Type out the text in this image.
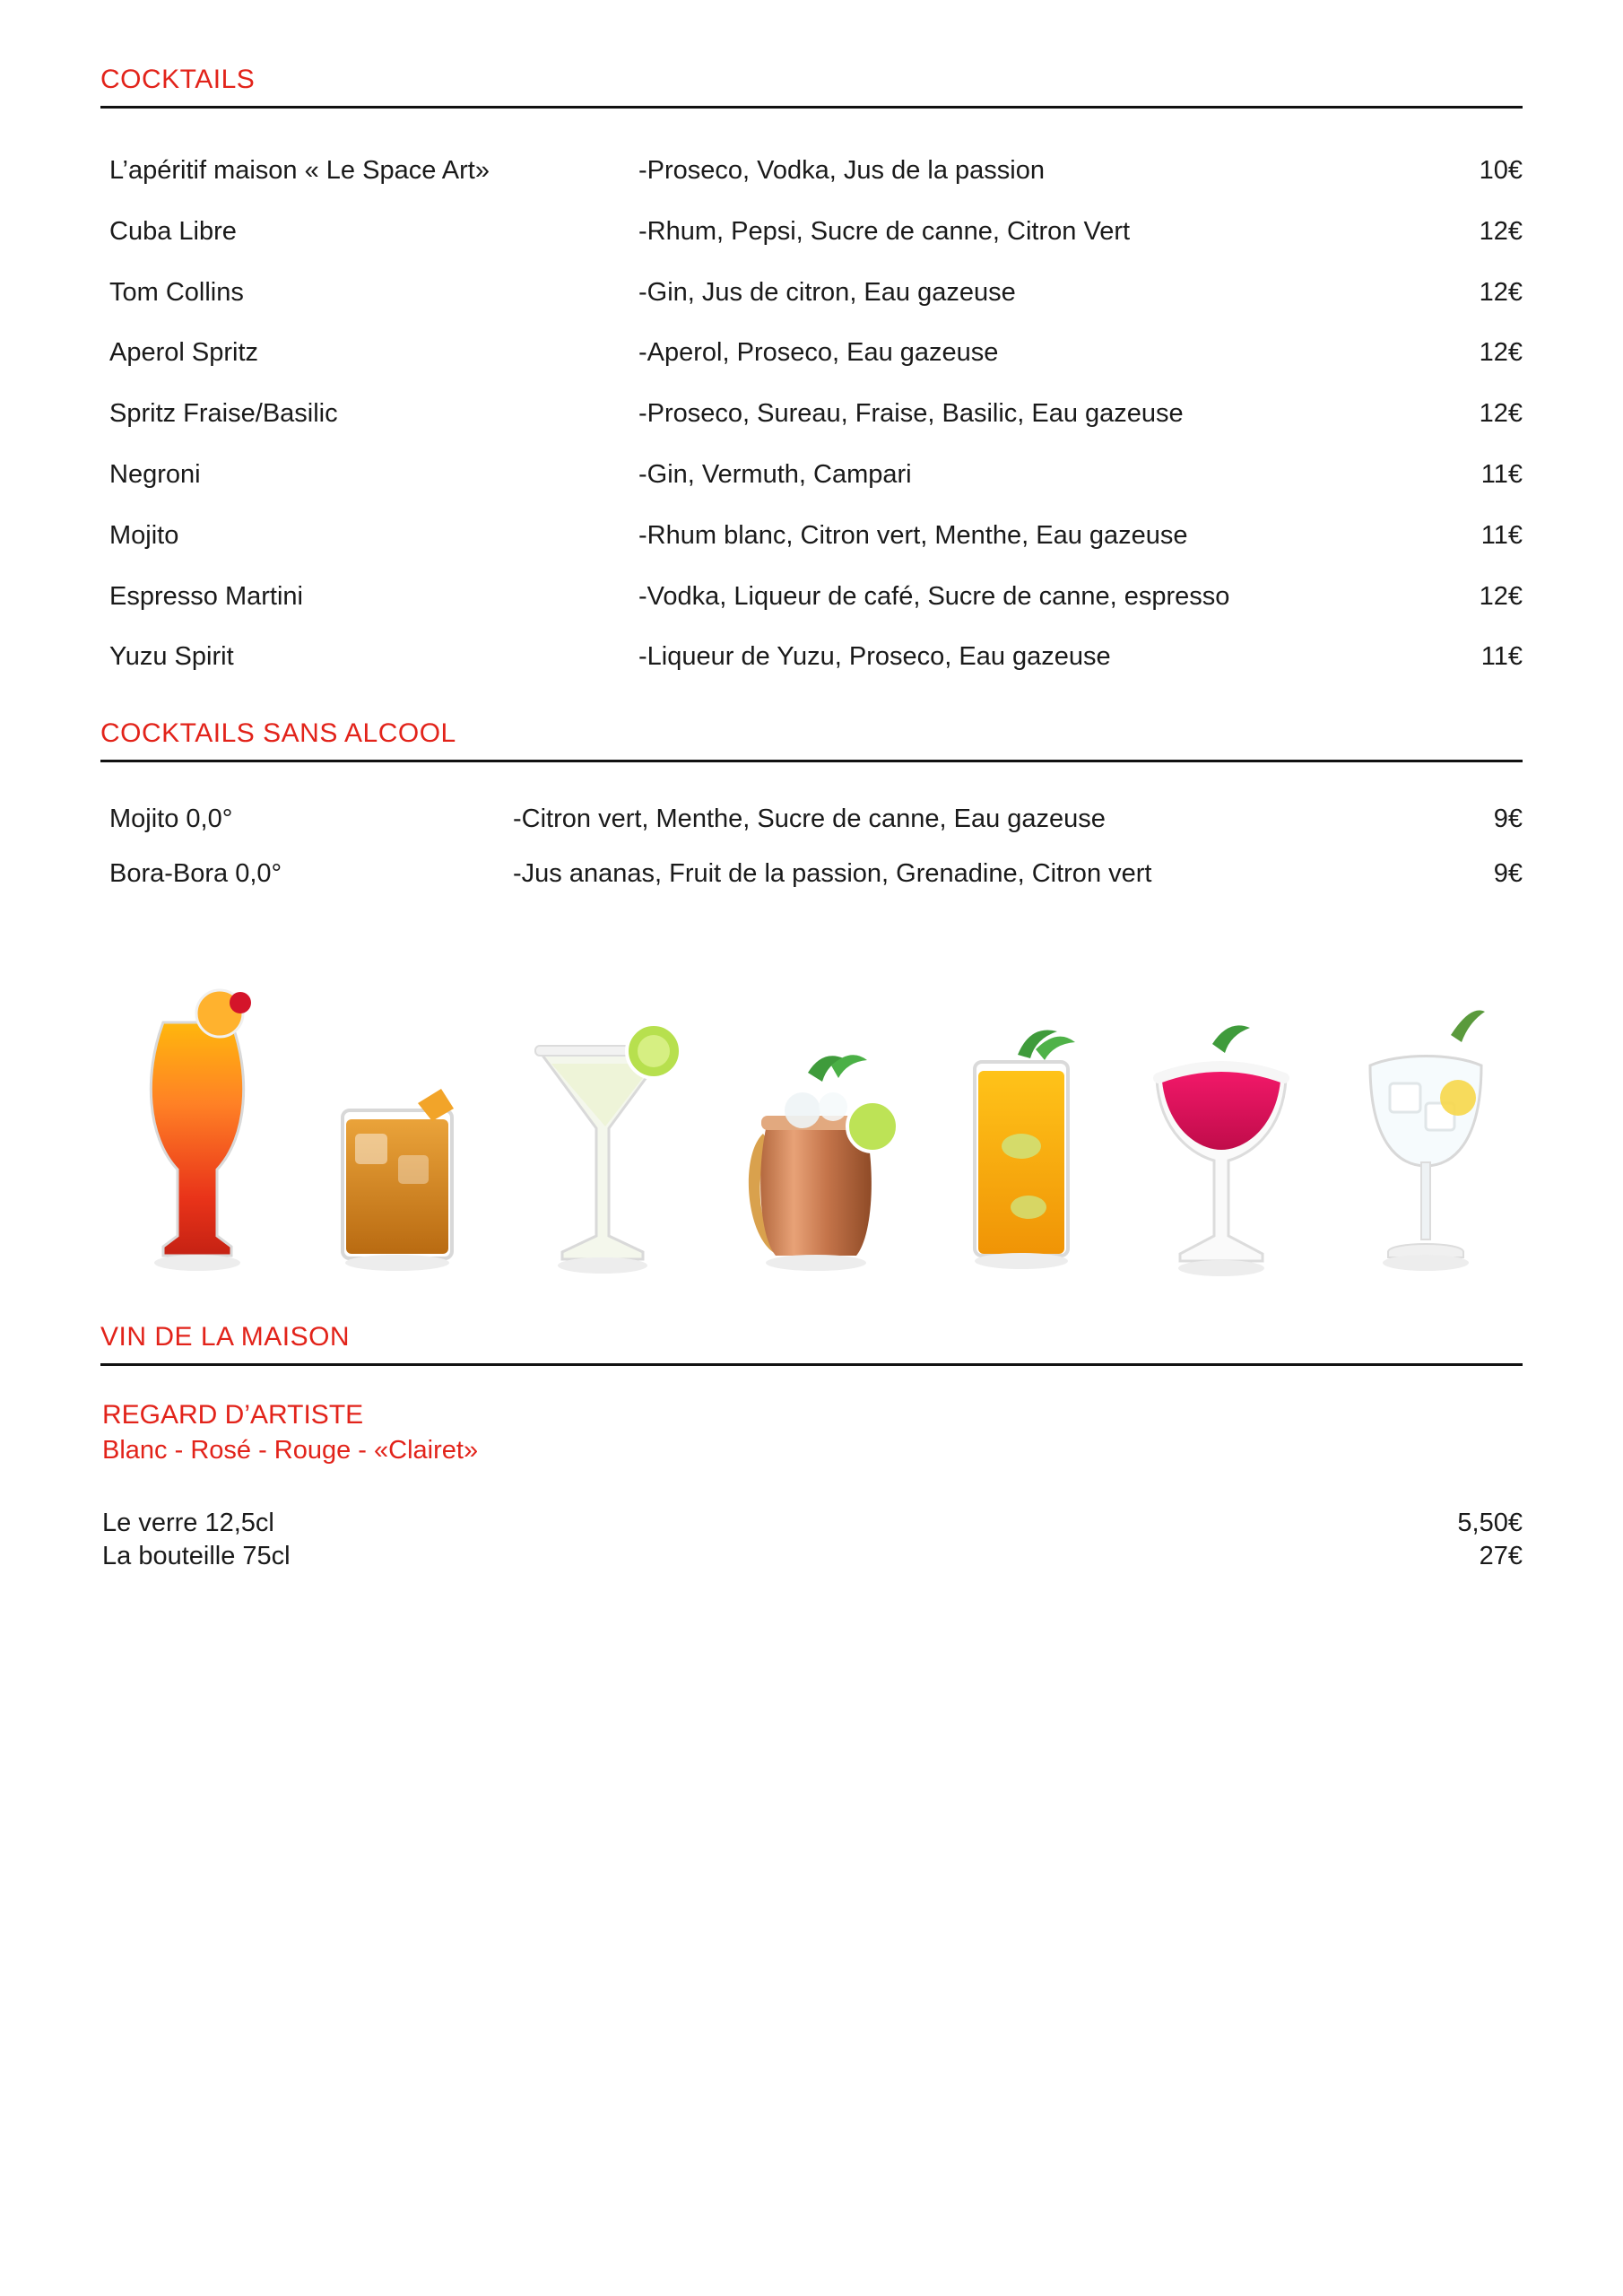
COCKTAILS
L’apéritif maison « Le Space Art»	-Proseco, Vodka, Jus de la passion	10€
Cuba Libre	-Rhum, Pepsi, Sucre de canne, Citron Vert	12€
Tom Collins	-Gin, Jus de citron, Eau gazeuse	12€
Aperol Spritz	-Aperol, Proseco, Eau gazeuse	12€
Spritz Fraise/Basilic	-Proseco, Sureau, Fraise, Basilic, Eau gazeuse	12€
Negroni	-Gin, Vermuth, Campari	11€
Mojito	-Rhum blanc, Citron vert, Menthe, Eau gazeuse	11€
Espresso Martini	-Vodka, Liqueur de café, Sucre de canne, espresso	12€
Yuzu Spirit	-Liqueur de Yuzu, Proseco, Eau gazeuse	11€
COCKTAILS SANS ALCOOL
Mojito 0,0°	-Citron vert, Menthe, Sucre de canne, Eau gazeuse	9€
Bora-Bora 0,0°	-Jus ananas, Fruit de la passion, Grenadine, Citron vert	9€
VIN DE LA MAISON
REGARD D’ARTISTE
Blanc - Rosé - Rouge - «Clairet»
Le verre 12,5cl	5,50€
La bouteille 75cl	27€
